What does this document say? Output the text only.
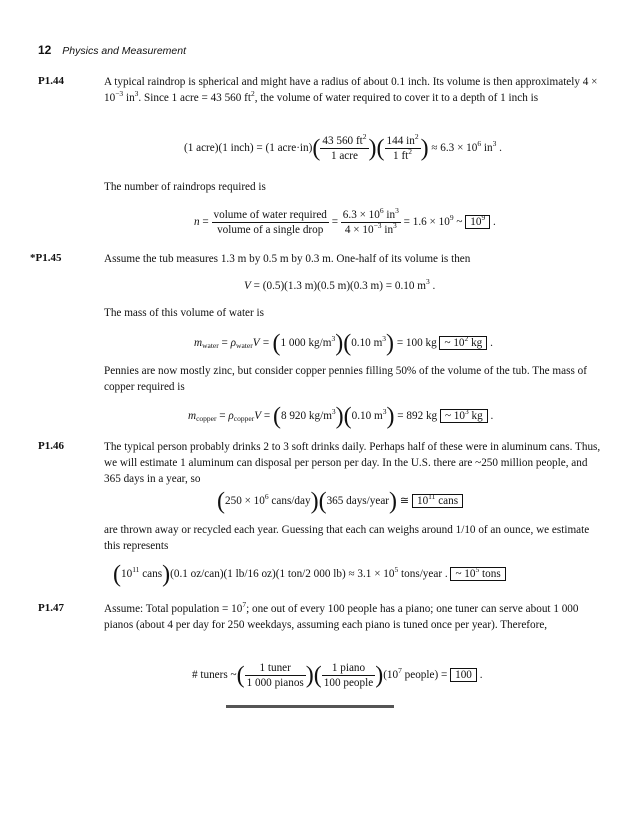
12 Physics and Measurement
P1.44	A typical raindrop is spherical and might have a radius of about 0.1 inch. Its volume is then approximately $4 \times 10^{-3}$ $in^3$. Since 1 acre = 43 560 $ft^2$, the volume of water required to cover it to a depth of 1 inch is
(1 acre)(1 inch) = (1 acre·in)( $\frac{43 560 ft^2}{\text{1 acre}}$ )( $\frac{144 in^2}{1 ft^2}$ ) ≈ $6.3 \times 10^6$ $in^3$ .
The number of raindrops required is
$n = \frac{\text{volume of water required}}{\text{volume of a single drop}} = \frac{6.3 \times 10^6 in^3}{4 \times 10^{-3} in^3} = 1.6 \times 10^9$ ~ $10^9$ .
*P1.45	Assume the tub measures 1.3 m by 0.5 m by 0.3 m. One-half of its volume is then
V = (0.5)(1.3 m)(0.5 m)(0.3 m) = 0.10 $m^3$ .
The mass of this volume of water is
$m_{water} = \rho_{water}V = (1$ 000 $kg/m^3)(0.10$ $m^3) = 100$ kg ~ $10^2$ kg .
Pennies are now mostly zinc, but consider copper pennies filling 50% of the volume of the tub. The mass of copper required is
$m_{copper} = \rho_{copper}V = (8$ 920 $kg/m^3)(0.10$ $m^3) = 892$ kg ~ $10^3$ kg .
P1.46	The typical person probably drinks 2 to 3 soft drinks daily. Perhaps half of these were in aluminum cans. Thus, we will estimate 1 aluminum can disposal per person per day. In the U.S. there are ~250 million people, and 365 days in a year, so
($250 \times 10^6$ cans/day)(365 days/year) ≅ $10^{11}$ cans
are thrown away or recycled each year. Guessing that each can weighs around 1/10 of an ounce, we estimate this represents
($10^{11}$ cans)(0.1 oz/can)(1 lb/16 oz)(1 ton/2 000 $lb) \approx 3.1 \times 10^5$ tons/year . ~ $10^5$ tons
P1.47	Assume: Total population = $10^7$; one out of every 100 people has a piano; one tuner can serve about 1 000 pianos (about 4 per day for 250 weekdays, assuming each piano is tuned once per year). Therefore,
# tuners ~( $\frac{\text{1 tuner}}{\text{1 000 pianos}}$ )( $\frac{\text{1 piano}}{\text{100 people}} )(10^7$ people) = 100 .
